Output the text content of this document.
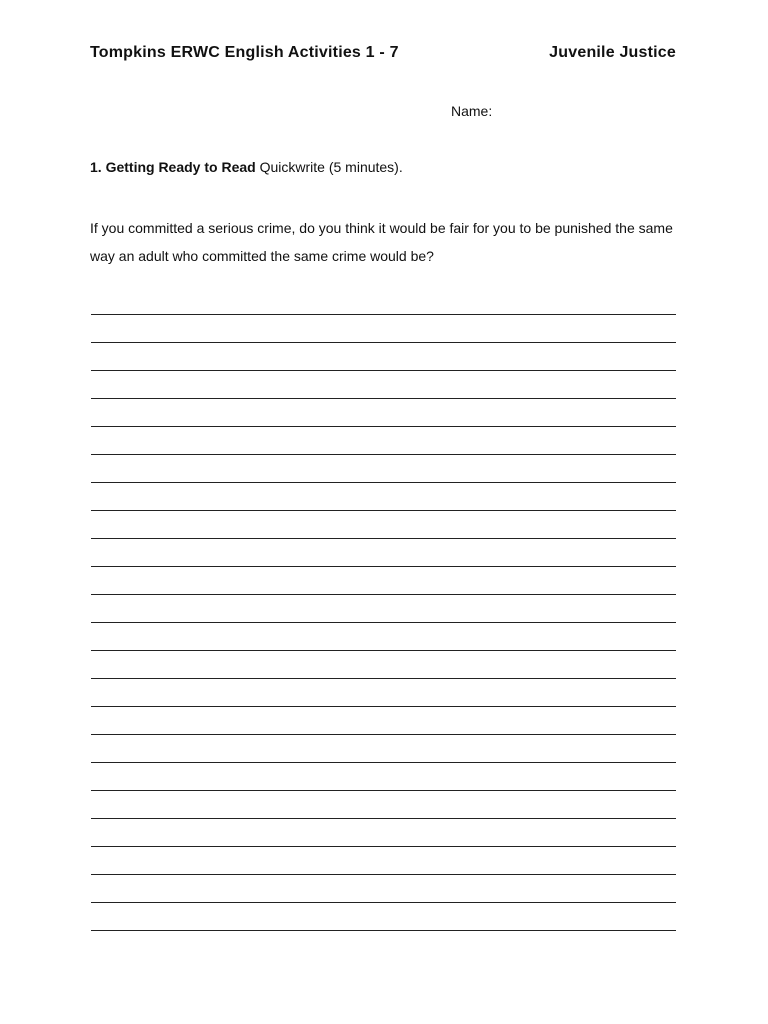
Tompkins ERWC English Activities 1 - 7	Juvenile Justice
Name:
1. Getting Ready to Read Quickwrite (5 minutes).
If you committed a serious crime, do you think it would be fair for you to be punished the same way an adult who committed the same crime would be?
